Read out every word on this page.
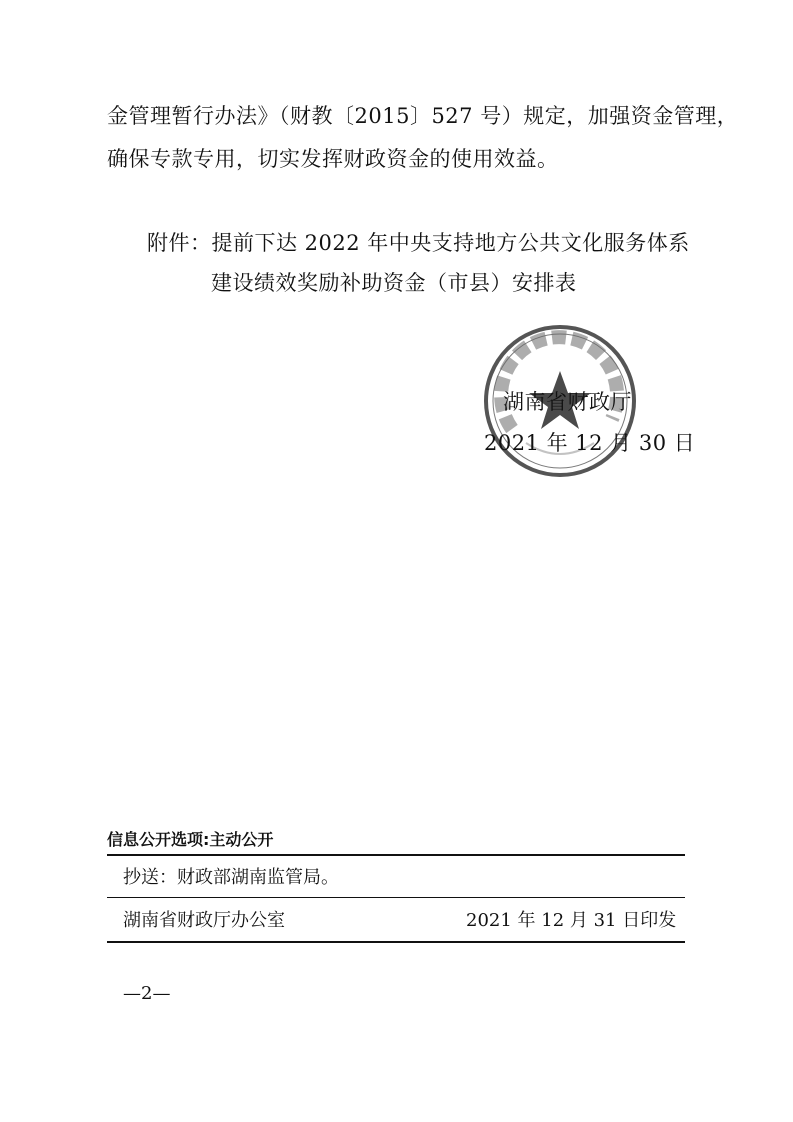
金管理暂行办法》（财教〔2015〕527 号）规定，加强资金管理，
确保专款专用，切实发挥财政资金的使用效益。
附件：提前下达 2022 年中央支持地方公共文化服务体系
建设绩效奖励补助资金（市县）安排表
湖南省财政厅
2021 年 12 月 30 日
信息公开选项:主动公开
抄送：财政部湖南监管局。
湖南省财政厅办公室	2021 年 12 月 31 日印发
—2—
